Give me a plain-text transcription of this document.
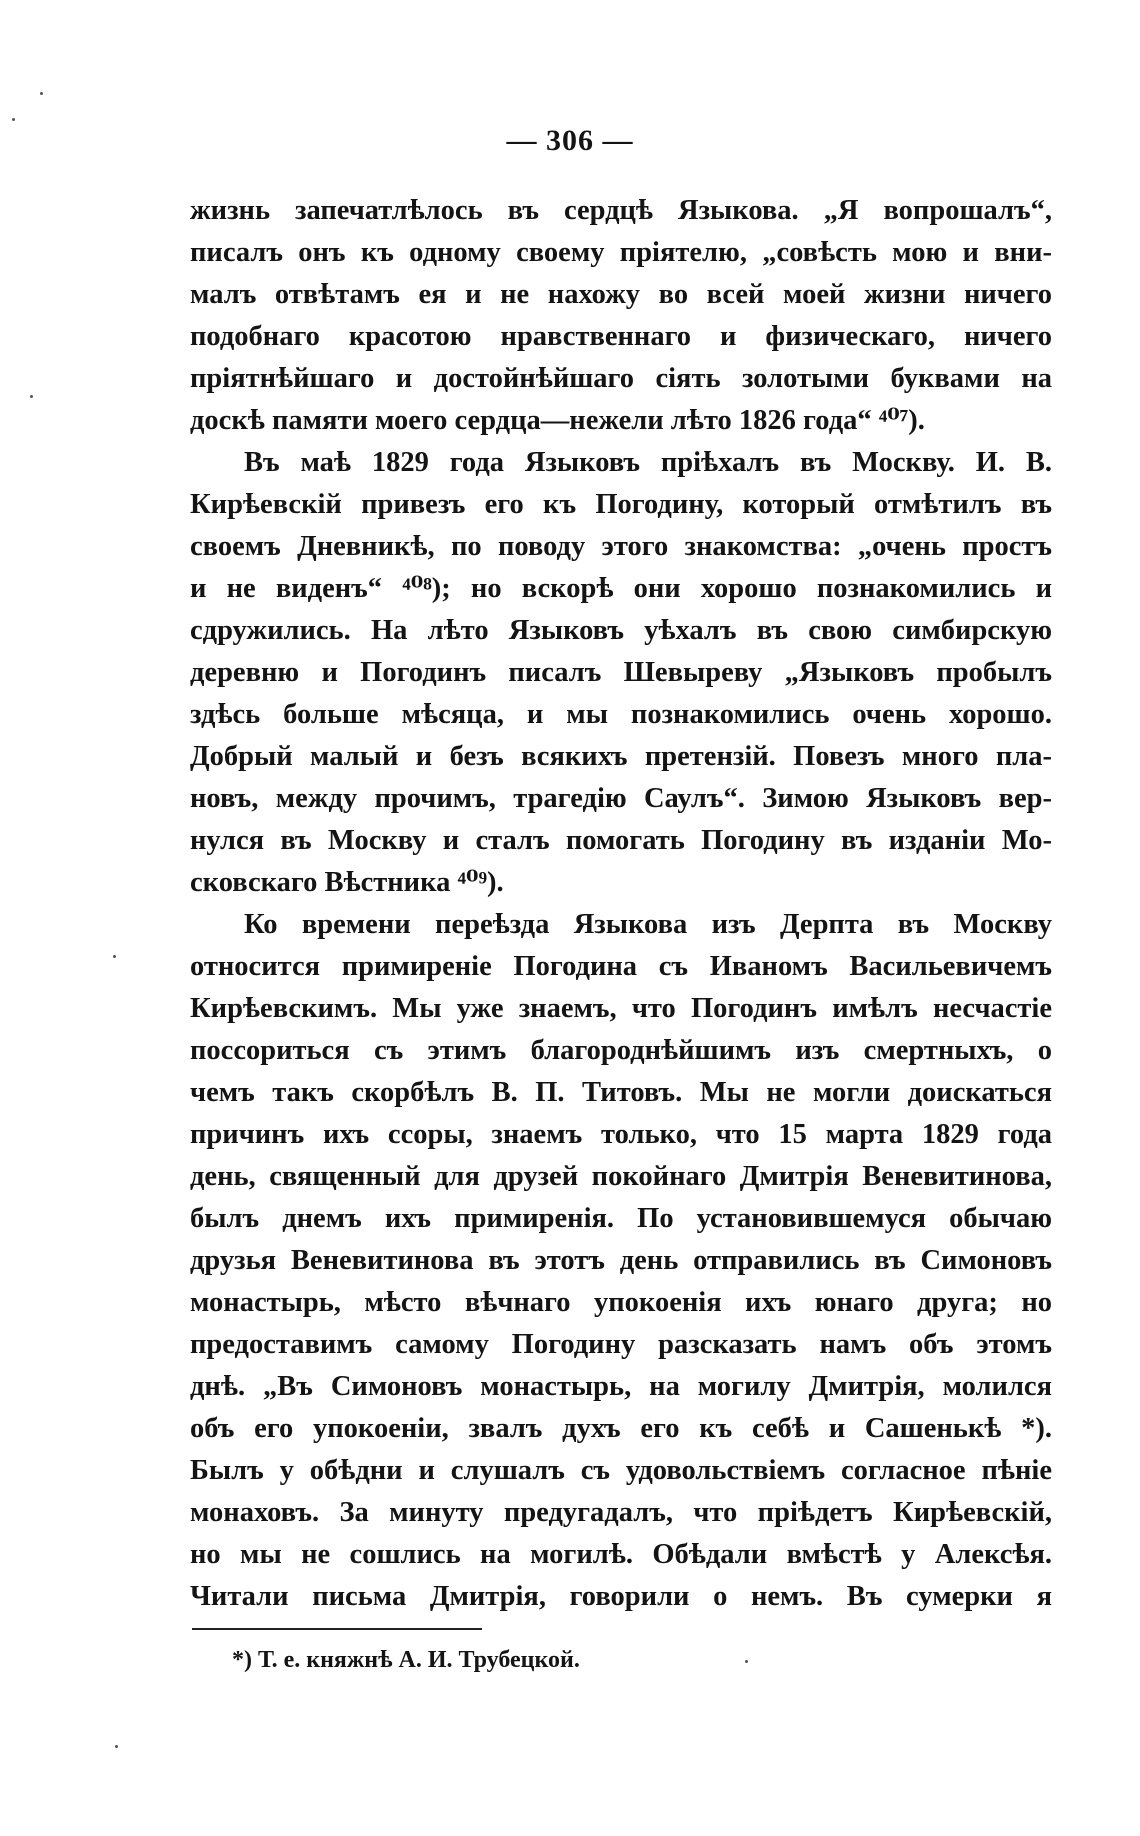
— 306 —
жизнь запечатлѣлось въ сердцѣ Языкова. „Я вопрошалъ“,
писалъ онъ къ одному своему пріятелю, „совѣсть мою и вни-
малъ отвѣтамъ ея и не нахожу во всей моей жизни ничего
подобнаго красотою нравственнаго и физическаго, ничего
пріятнѣйшаго и достойнѣйшаго сіять золотыми буквами на
доскѣ памяти моего сердца—нежели лѣто 1826 года“ ⁴⁰⁷).
Въ маѣ 1829 года Языковъ пріѣхалъ въ Москву. И. В.
Кирѣевскій привезъ его къ Погодину, который отмѣтилъ въ
своемъ Дневникѣ, по поводу этого знакомства: „очень простъ
и не виденъ“ ⁴⁰⁸); но вскорѣ они хорошо познакомились и
сдружились. На лѣто Языковъ уѣхалъ въ свою симбирскую
деревню и Погодинъ писалъ Шевыреву „Языковъ пробылъ
здѣсь больше мѣсяца, и мы познакомились очень хорошо.
Добрый малый и безъ всякихъ претензій. Повезъ много пла-
новъ, между прочимъ, трагедію Саулъ“. Зимою Языковъ вер-
нулся въ Москву и сталъ помогать Погодину въ изданіи Мо-
сковскаго Вѣстника ⁴⁰⁹).
Ко времени переѣзда Языкова изъ Дерпта въ Москву
относится примиреніе Погодина съ Иваномъ Васильевичемъ
Кирѣевскимъ. Мы уже знаемъ, что Погодинъ имѣлъ несчастіе
поссориться съ этимъ благороднѣйшимъ изъ смертныхъ, о
чемъ такъ скорбѣлъ В. П. Титовъ. Мы не могли доискаться
причинъ ихъ ссоры, знаемъ только, что 15 марта 1829 года
день, священный для друзей покойнаго Дмитрія Веневитинова,
былъ днемъ ихъ примиренія. По установившемуся обычаю
друзья Веневитинова въ этотъ день отправились въ Симоновъ
монастырь, мѣсто вѣчнаго упокоенія ихъ юнаго друга; но
предоставимъ самому Погодину разсказать намъ объ этомъ
днѣ. „Въ Симоновъ монастырь, на могилу Дмитрія, молился
объ его упокоеніи, звалъ духъ его къ себѣ и Сашенькѣ *).
Былъ у обѣдни и слушалъ съ удовольствіемъ согласное пѣніе
монаховъ. За минуту предугадалъ, что пріѣдетъ Кирѣевскій,
но мы не сошлись на могилѣ. Обѣдали вмѣстѣ у Алексѣя.
Читали письма Дмитрія, говорили о немъ. Въ сумерки я
*) Т. е. княжнѣ А. И. Трубецкой.
